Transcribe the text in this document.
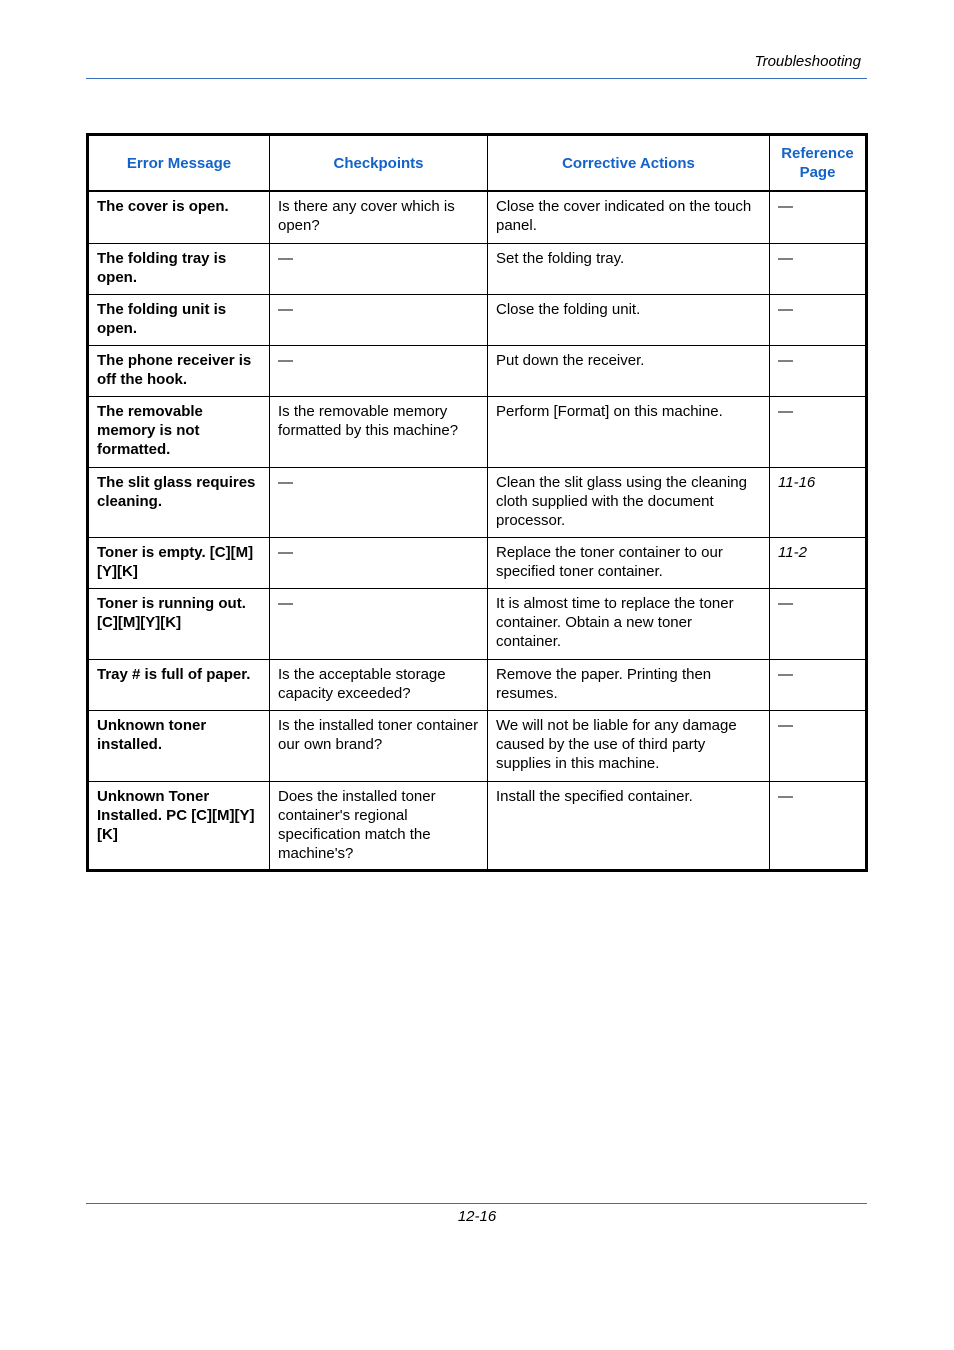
Troubleshooting
Error Message	Checkpoints	Corrective Actions	Reference Page
The cover is open.	Is there any cover which is open?	Close the cover indicated on the touch panel.	—
The folding tray is open.	—	Set the folding tray.	—
The folding unit is open.	—	Close the folding unit.	—
The phone receiver is off the hook.	—	Put down the receiver.	—
The removable memory is not formatted.	Is the removable memory formatted by this machine?	Perform [Format] on this machine.	—
The slit glass requires cleaning.	—	Clean the slit glass using the cleaning cloth supplied with the document processor.	11-16
Toner is empty. [C][M][Y][K]	—	Replace the toner container to our specified toner container.	11-2
Toner is running out. [C][M][Y][K]	—	It is almost time to replace the toner container. Obtain a new toner container.	—
Tray # is full of paper.	Is the acceptable storage capacity exceeded?	Remove the paper. Printing then resumes.	—
Unknown toner installed.	Is the installed toner container our own brand?	We will not be liable for any damage caused by the use of third party supplies in this machine.	—
Unknown Toner Installed. PC [C][M][Y][K]	Does the installed toner container's regional specification match the machine's?	Install the specified container.	—
12-16
